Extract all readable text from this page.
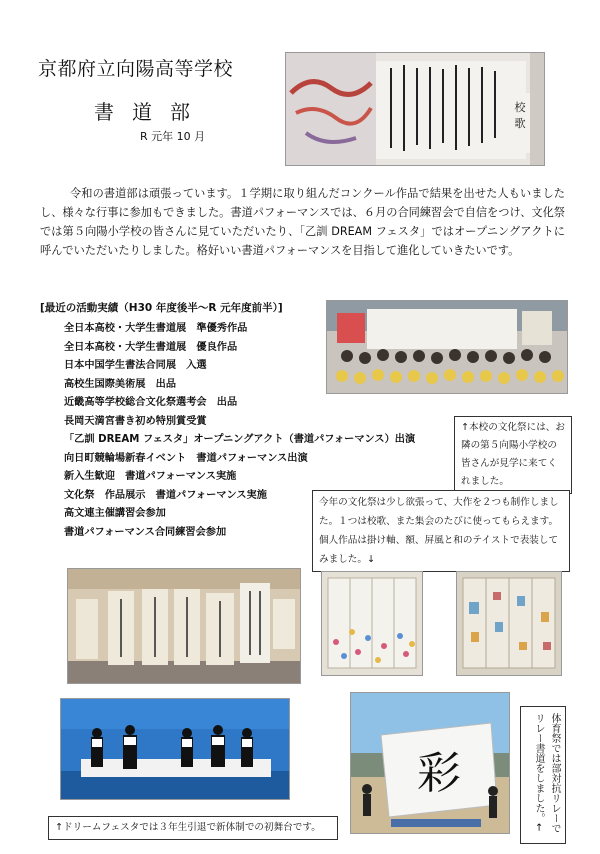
京都府立向陽高等学校
書道部
R 元年 10 月
校
歌
令和の書道部は頑張っています。１学期に取り組んだコンクール作品で結果を出せた人もいましたし、様々な行事に参加もできました。書道パフォーマンスでは、６月の合同練習会で自信をつけ、文化祭では第５向陽小学校の皆さんに見ていただいたり、「乙訓 DREAM フェスタ」ではオープニングアクトに呼んでいただいたりしました。格好いい書道パフォーマンスを目指して進化していきたいです。
[最近の活動実績（H30 年度後半～R 元年度前半）]
全日本高校・大学生書道展　準優秀作品
全日本高校・大学生書道展　優良作品
日本中国学生書法合同展　入選
高校生国際美術展　出品
近畿高等学校総合文化祭選考会　出品
長岡天満宮書き初め特別賞受賞
「乙訓 DREAM フェスタ」オープニングアクト（書道パフォーマンス）出演
向日町競輪場新春イベント　書道パフォーマンス出演
新入生歓迎　書道パフォーマンス実施
文化祭　作品展示　書道パフォーマンス実施
高文連主催講習会参加
書道パフォーマンス合同練習会参加
↑本校の文化祭には、お隣の第５向陽小学校の皆さんが見学に来てくれました。
今年の文化祭は少し欲張って、大作を２つも制作しました。１つは校歌、また集会のたびに使ってもらえます。個人作品は掛け軸、額、屏風と和のテイストで表装してみました。↓
↑ドリームフェスタでは３年生引退で新体制での初舞台です。
彩	体育祭では部対抗リレーでリレー書道をしました。←
